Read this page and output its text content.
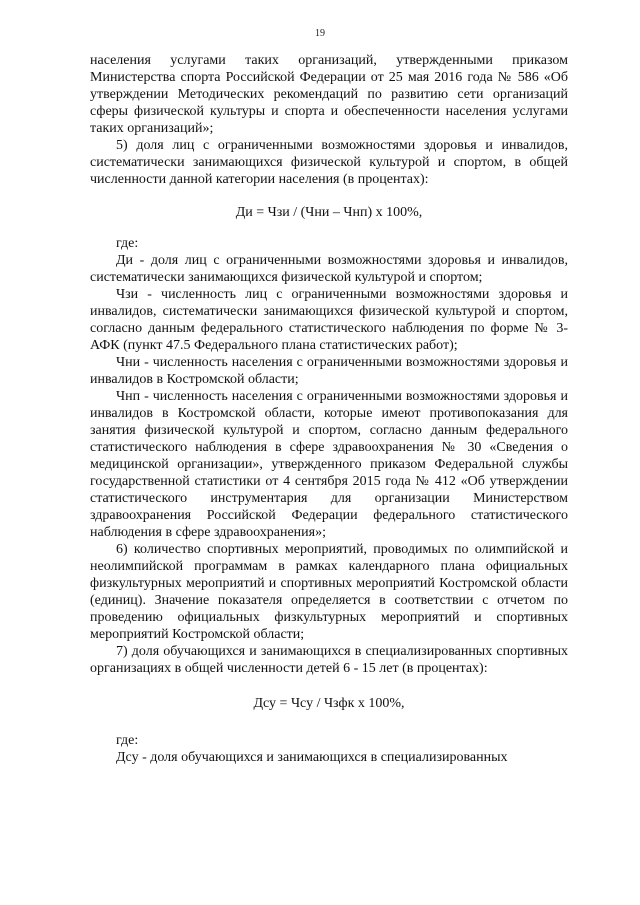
19

населения услугами таких организаций, утвержденными приказом Министерства спорта Российской Федерации от 25 мая 2016 года № 586 «Об утверждении Методических рекомендаций по развитию сети организаций сферы физической культуры и спорта и обеспеченности населения услугами таких организаций»;

5) доля лиц с ограниченными возможностями здоровья и инвалидов, систематически занимающихся физической культурой и спортом, в общей численности данной категории населения (в процентах):

Ди = Чзи / (Чни – Чнп) х 100%,

где:

Ди - доля лиц с ограниченными возможностями здоровья и инвалидов, систематически занимающихся физической культурой и спортом;

Чзи - численность лиц с ограниченными возможностями здоровья и инвалидов, систематически занимающихся физической культурой и спортом, согласно данным федерального статистического наблюдения по форме № 3-АФК (пункт 47.5 Федерального плана статистических работ);

Чни - численность населения с ограниченными возможностями здоровья и инвалидов в Костромской области;

Чнп - численность населения с ограниченными возможностями здоровья и инвалидов в Костромской области, которые имеют противопоказания для занятия физической культурой и спортом, согласно данным федерального статистического наблюдения в сфере здравоохранения № 30 «Сведения о медицинской организации», утвержденного приказом Федеральной службы государственной статистики от 4 сентября 2015 года № 412 «Об утверждении статистического инструментария для организации Министерством здравоохранения Российской Федерации федерального статистического наблюдения в сфере здравоохранения»;

6) количество спортивных мероприятий, проводимых по олимпийской и неолимпийской программам в рамках календарного плана официальных физкультурных мероприятий и спортивных мероприятий Костромской области (единиц). Значение показателя определяется в соответствии с отчетом по проведению официальных физкультурных мероприятий и спортивных мероприятий Костромской области;

7) доля обучающихся и занимающихся в специализированных спортивных организациях в общей численности детей 6 - 15 лет (в процентах):

Дсу = Чсу / Чзфк х 100%,

где:

Дсу - доля обучающихся и занимающихся в специализированных
